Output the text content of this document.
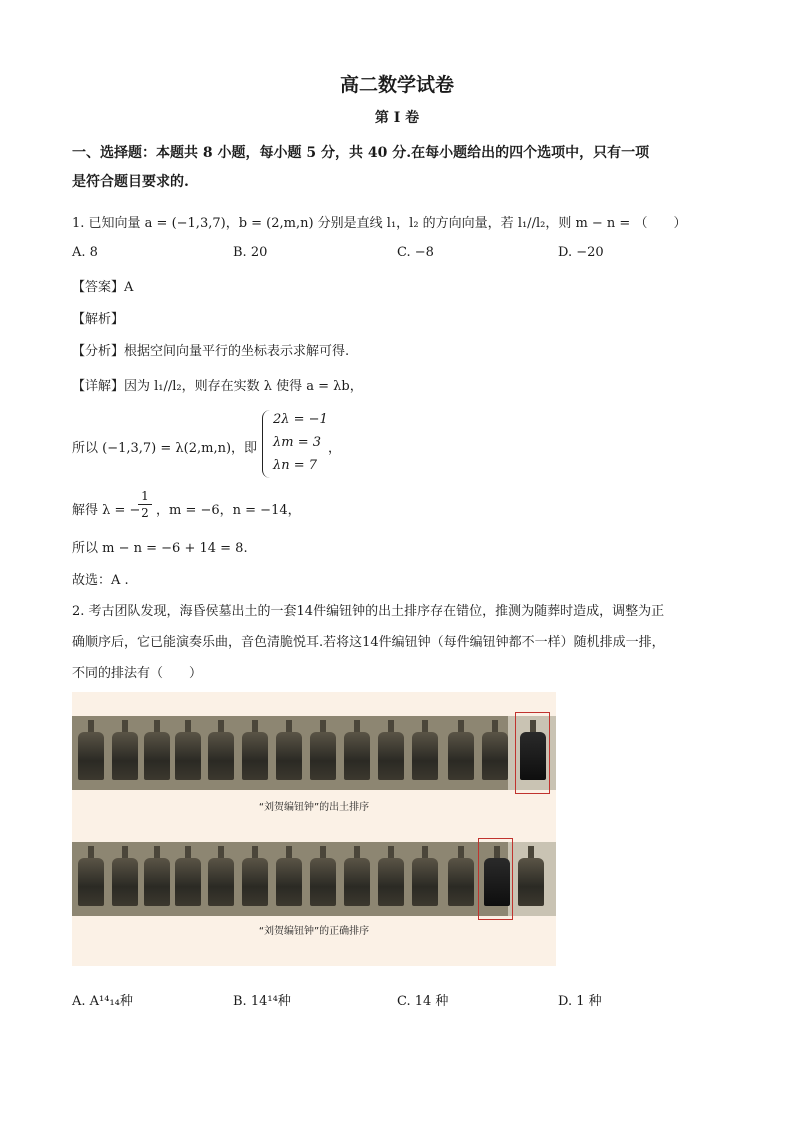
高二数学试卷
第 I 卷
一、选择题：本题共 8 小题，每小题 5 分，共 40 分.在每小题给出的四个选项中，只有一项
是符合题目要求的.
1. 已知向量 a = (−1,3,7)，b = (2,m,n) 分别是直线 l₁，l₂ 的方向向量，若 l₁//l₂，则 m − n = （　　）
A. 8	B. 20	C. −8	D. −20
【答案】A
【解析】
【分析】根据空间向量平行的坐标表示求解可得.
【详解】因为 l₁//l₂，则存在实数 λ 使得 a = λb，
所以 (−1,3,7) = λ(2,m,n)，即
2λ = −1
λm = 3
λn = 7
，
解得 λ = −
$\frac{1}{2}$ ，m = −6，n = −14，
所以 m − n = −6 + 14 = 8.
故选：A .
2. 考古团队发现，海昏侯墓出土的一套14件编钮钟的出土排序存在错位，推测为随葬时造成，调整为正
确顺序后，它已能演奏乐曲，音色清脆悦耳.若将这14件编钮钟（每件编钮钟都不一样）随机排成一排，
不同的排法有（　　）
“刘贺编钮钟”的出土排序
“刘贺编钮钟”的正确排序
A. A¹⁴₁₄种	B. 14¹⁴种	C. 14 种	D. 1 种
